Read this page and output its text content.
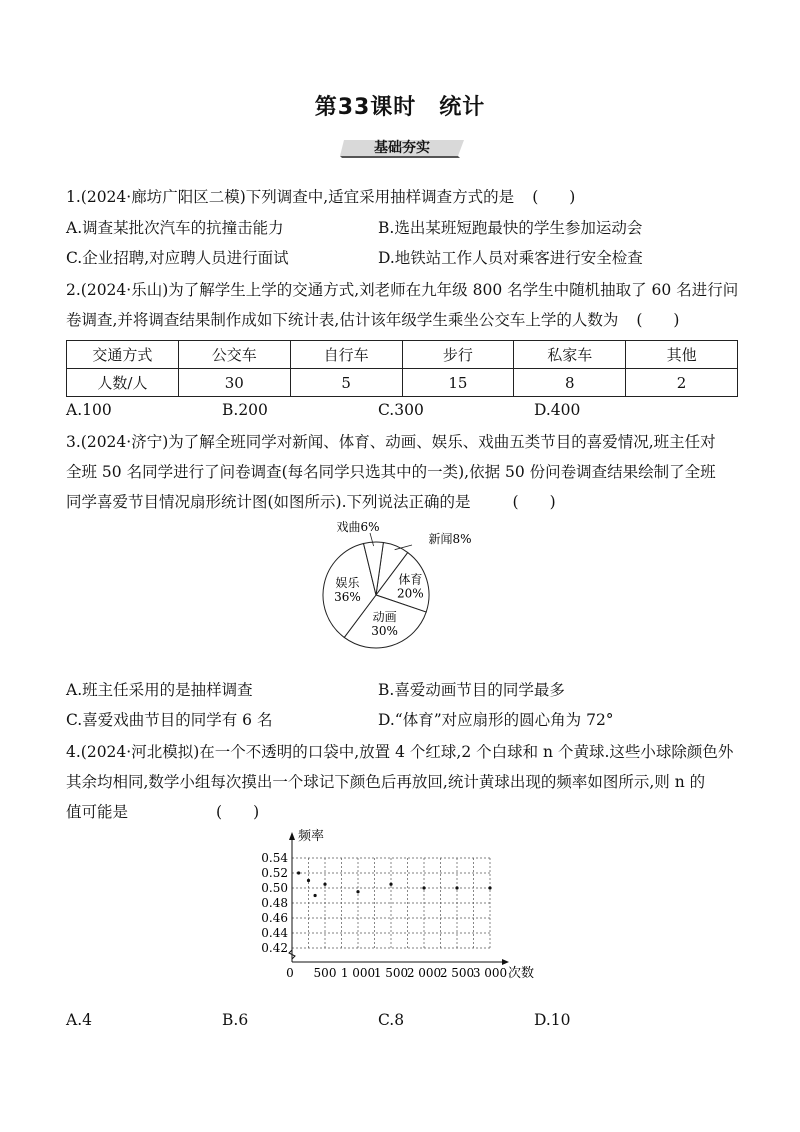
第33课时　统计
基础夯实
1.(2024·廊坊广阳区二模)下列调查中,适宜采用抽样调查方式的是 (　　)
A.调查某批次汽车的抗撞击能力	B.选出某班短跑最快的学生参加运动会
C.企业招聘,对应聘人员进行面试	D.地铁站工作人员对乘客进行安全检查
2.(2024·乐山)为了解学生上学的交通方式,刘老师在九年级 800 名学生中随机抽取了 60 名进行问
卷调查,并将调查结果制作成如下统计表,估计该年级学生乘坐公交车上学的人数为 (　　)
交通方式	公交车	自行车	步行	私家车	其他
人数/人	30	5	15	8	2
A.100	B.200	C.300	D.400
3.(2024·济宁)为了解全班同学对新闻、体育、动画、娱乐、戏曲五类节目的喜爱情况,班主任对
全班 50 名同学进行了问卷调查(每名同学只选其中的一类),依据 50 份问卷调查结果绘制了全班
同学喜爱节目情况扇形统计图(如图所示).下列说法正确的是	(　　)
新闻8%
体育
20%
动画
30%
娱乐
36%
戏曲6%
A.班主任采用的是抽样调查	B.喜爱动画节目的同学最多
C.喜爱戏曲节目的同学有 6 名	D.“体育”对应扇形的圆心角为 72°
4.(2024·河北模拟)在一个不透明的口袋中,放置 4 个红球,2 个白球和 n 个黄球.这些小球除颜色外
其余均相同,数学小组每次摸出一个球记下颜色后再放回,统计黄球出现的频率如图所示,则 n 的
值可能是	(　　)
0.42
0.44
0.46
0.48
0.50
0.52
0.54
0 500 1 000
1 500
2 000
2 500
3 000
频率
次数
A.4	B.6	C.8	D.10
